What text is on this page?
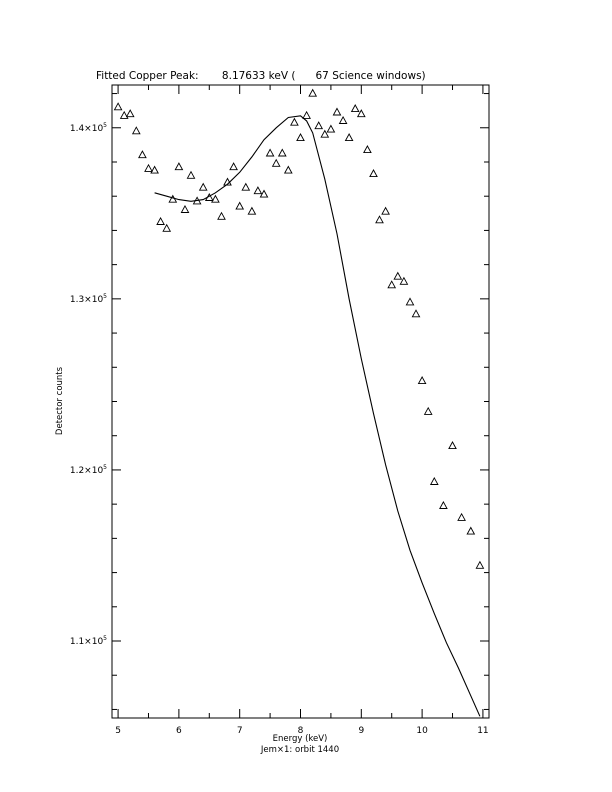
Fitted Copper Peak:       8.17633 keV (      67 Science windows)
5	6	7	8	9	10	11
$1.1\times 10^5$
$1.2\times 10^5$
$1.3\times 10^5$
$1.4\times 10^5$
Energy (keV)
Jem×1: orbit 1440
Detector counts
